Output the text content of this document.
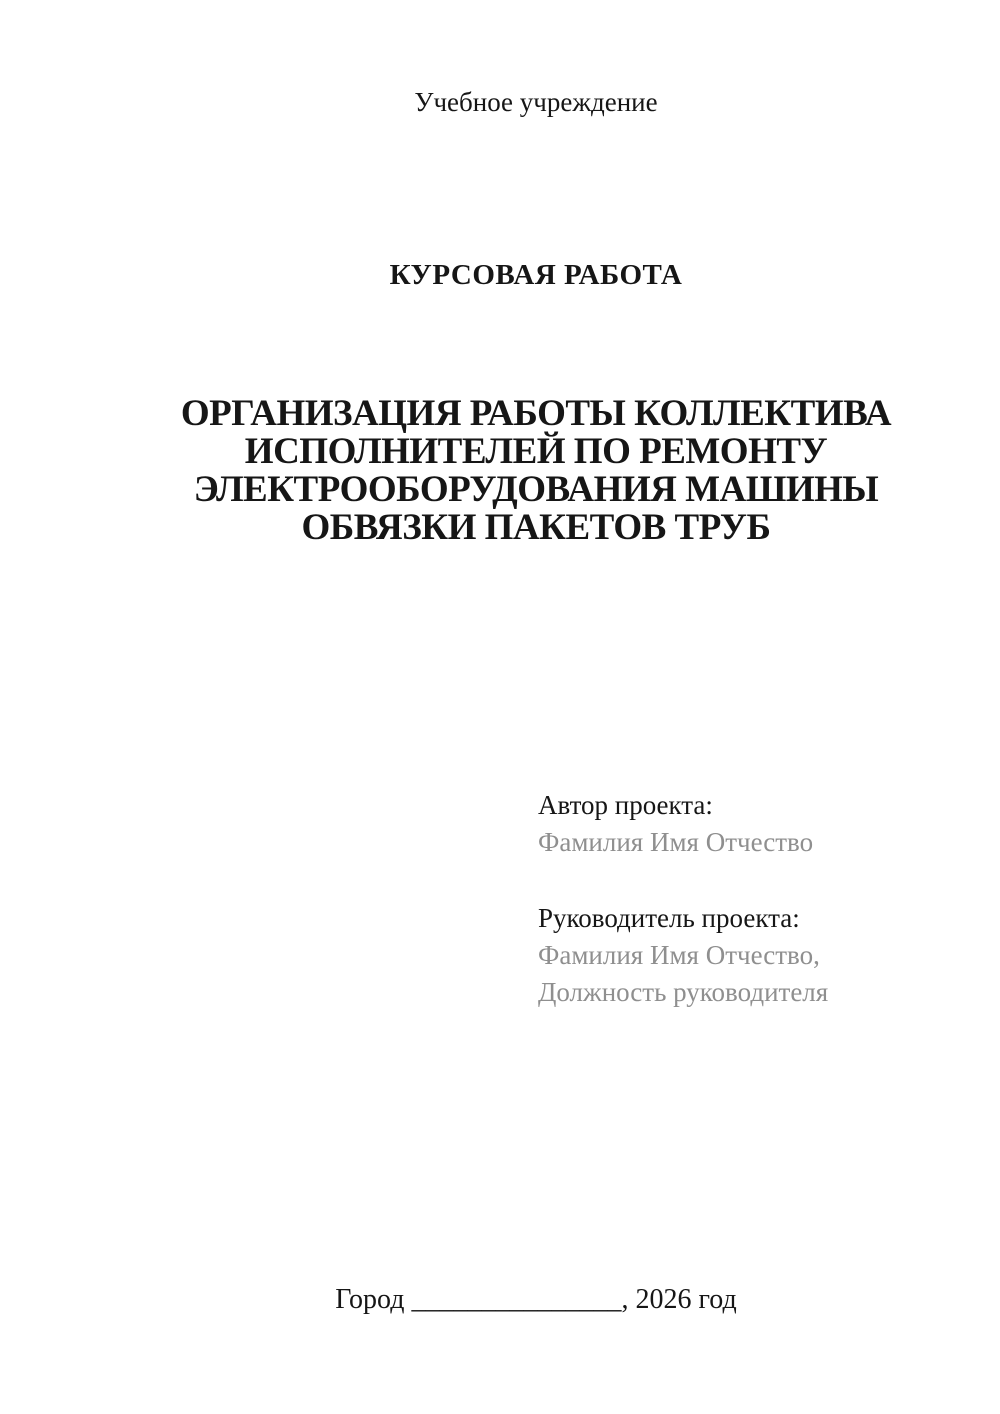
Учебное учреждение
КУРСОВАЯ РАБОТА
ОРГАНИЗАЦИЯ РАБОТЫ КОЛЛЕКТИВА
ИСПОЛНИТЕЛЕЙ ПО РЕМОНТУ
ЭЛЕКТРООБОРУДОВАНИЯ МАШИНЫ
ОБВЯЗКИ ПАКЕТОВ ТРУБ
Автор проекта:
Фамилия Имя Отчество
Руководитель проекта:
Фамилия Имя Отчество,
Должность руководителя
Город _______________, 2026 год
